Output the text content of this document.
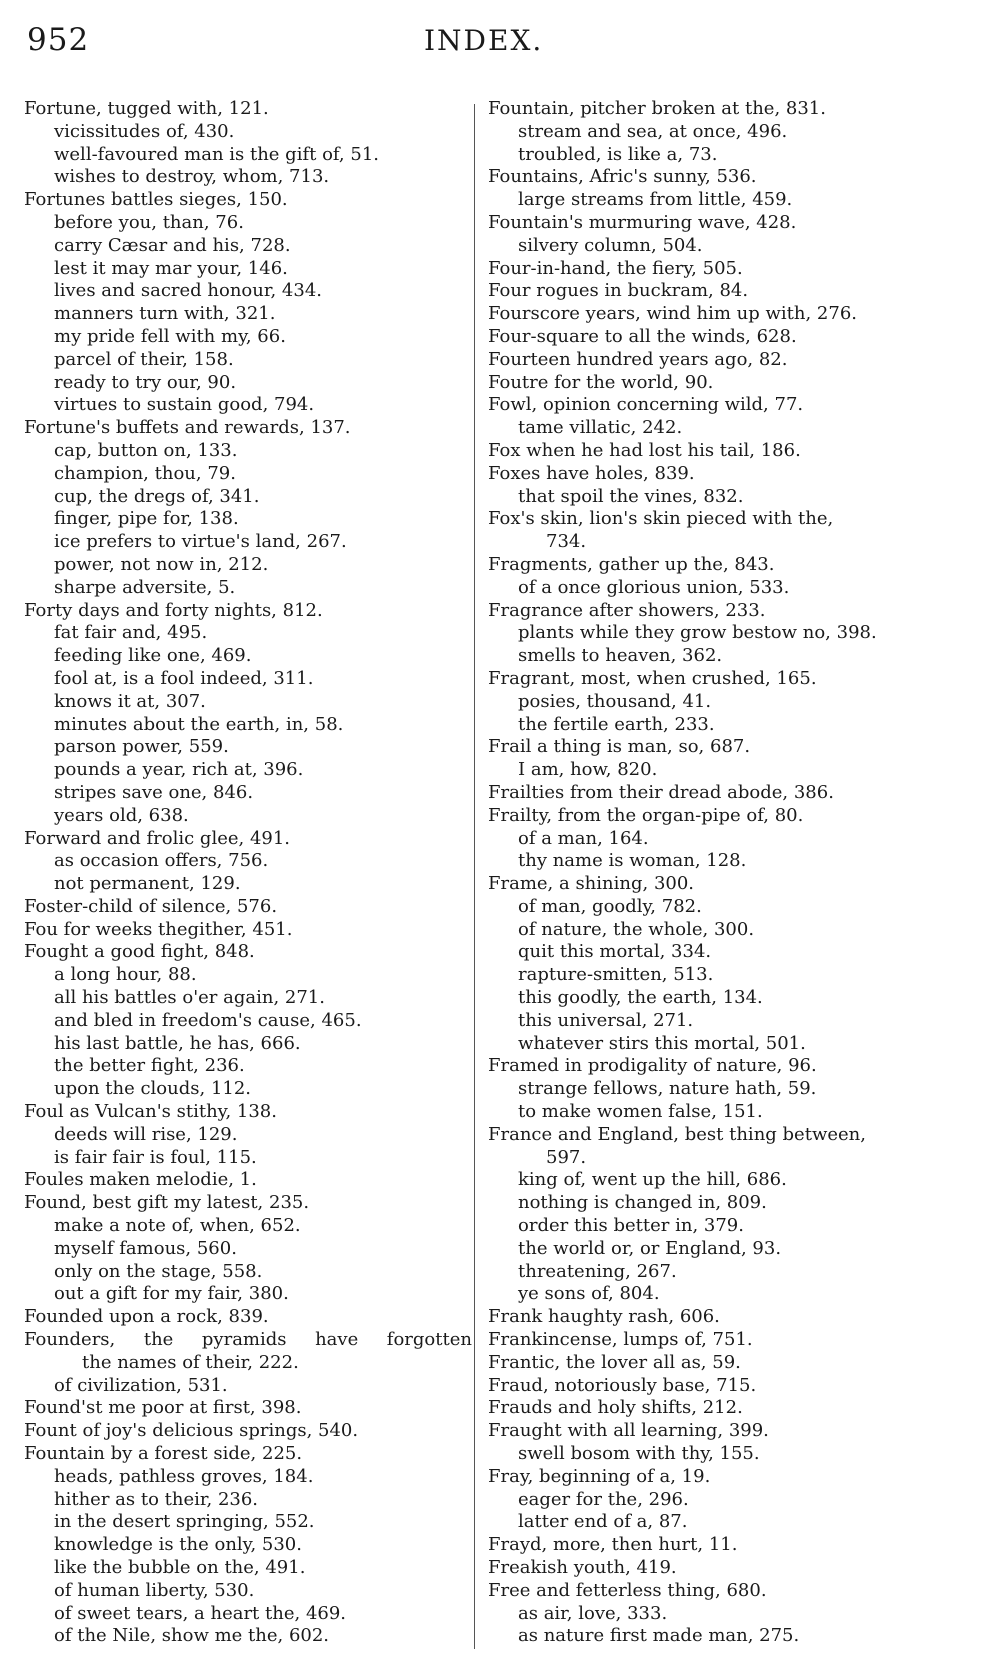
952	INDEX.
Fortune, tugged with, 121.
vicissitudes of, 430.
well-favoured man is the gift of, 51.
wishes to destroy, whom, 713.
Fortunes battles sieges, 150.
before you, than, 76.
carry Cæsar and his, 728.
lest it may mar your, 146.
lives and sacred honour, 434.
manners turn with, 321.
my pride fell with my, 66.
parcel of their, 158.
ready to try our, 90.
virtues to sustain good, 794.
Fortune's buffets and rewards, 137.
cap, button on, 133.
champion, thou, 79.
cup, the dregs of, 341.
finger, pipe for, 138.
ice prefers to virtue's land, 267.
power, not now in, 212.
sharpe adversite, 5.
Forty days and forty nights, 812.
fat fair and, 495.
feeding like one, 469.
fool at, is a fool indeed, 311.
knows it at, 307.
minutes about the earth, in, 58.
parson power, 559.
pounds a year, rich at, 396.
stripes save one, 846.
years old, 638.
Forward and frolic glee, 491.
as occasion offers, 756.
not permanent, 129.
Foster-child of silence, 576.
Fou for weeks thegither, 451.
Fought a good fight, 848.
a long hour, 88.
all his battles o'er again, 271.
and bled in freedom's cause, 465.
his last battle, he has, 666.
the better fight, 236.
upon the clouds, 112.
Foul as Vulcan's stithy, 138.
deeds will rise, 129.
is fair fair is foul, 115.
Foules maken melodie, 1.
Found, best gift my latest, 235.
make a note of, when, 652.
myself famous, 560.
only on the stage, 558.
out a gift for my fair, 380.
Founded upon a rock, 839.
Founders, the pyramids have forgotten
the names of their, 222.
of civilization, 531.
Found'st me poor at first, 398.
Fount of joy's delicious springs, 540.
Fountain by a forest side, 225.
heads, pathless groves, 184.
hither as to their, 236.
in the desert springing, 552.
knowledge is the only, 530.
like the bubble on the, 491.
of human liberty, 530.
of sweet tears, a heart the, 469.
of the Nile, show me the, 602.
Fountain, pitcher broken at the, 831.
stream and sea, at once, 496.
troubled, is like a, 73.
Fountains, Afric's sunny, 536.
large streams from little, 459.
Fountain's murmuring wave, 428.
silvery column, 504.
Four-in-hand, the fiery, 505.
Four rogues in buckram, 84.
Fourscore years, wind him up with, 276.
Four-square to all the winds, 628.
Fourteen hundred years ago, 82.
Foutre for the world, 90.
Fowl, opinion concerning wild, 77.
tame villatic, 242.
Fox when he had lost his tail, 186.
Foxes have holes, 839.
that spoil the vines, 832.
Fox's skin, lion's skin pieced with the,
734.
Fragments, gather up the, 843.
of a once glorious union, 533.
Fragrance after showers, 233.
plants while they grow bestow no, 398.
smells to heaven, 362.
Fragrant, most, when crushed, 165.
posies, thousand, 41.
the fertile earth, 233.
Frail a thing is man, so, 687.
I am, how, 820.
Frailties from their dread abode, 386.
Frailty, from the organ-pipe of, 80.
of a man, 164.
thy name is woman, 128.
Frame, a shining, 300.
of man, goodly, 782.
of nature, the whole, 300.
quit this mortal, 334.
rapture-smitten, 513.
this goodly, the earth, 134.
this universal, 271.
whatever stirs this mortal, 501.
Framed in prodigality of nature, 96.
strange fellows, nature hath, 59.
to make women false, 151.
France and England, best thing between,
597.
king of, went up the hill, 686.
nothing is changed in, 809.
order this better in, 379.
the world or, or England, 93.
threatening, 267.
ye sons of, 804.
Frank haughty rash, 606.
Frankincense, lumps of, 751.
Frantic, the lover all as, 59.
Fraud, notoriously base, 715.
Frauds and holy shifts, 212.
Fraught with all learning, 399.
swell bosom with thy, 155.
Fray, beginning of a, 19.
eager for the, 296.
latter end of a, 87.
Frayd, more, then hurt, 11.
Freakish youth, 419.
Free and fetterless thing, 680.
as air, love, 333.
as nature first made man, 275.
